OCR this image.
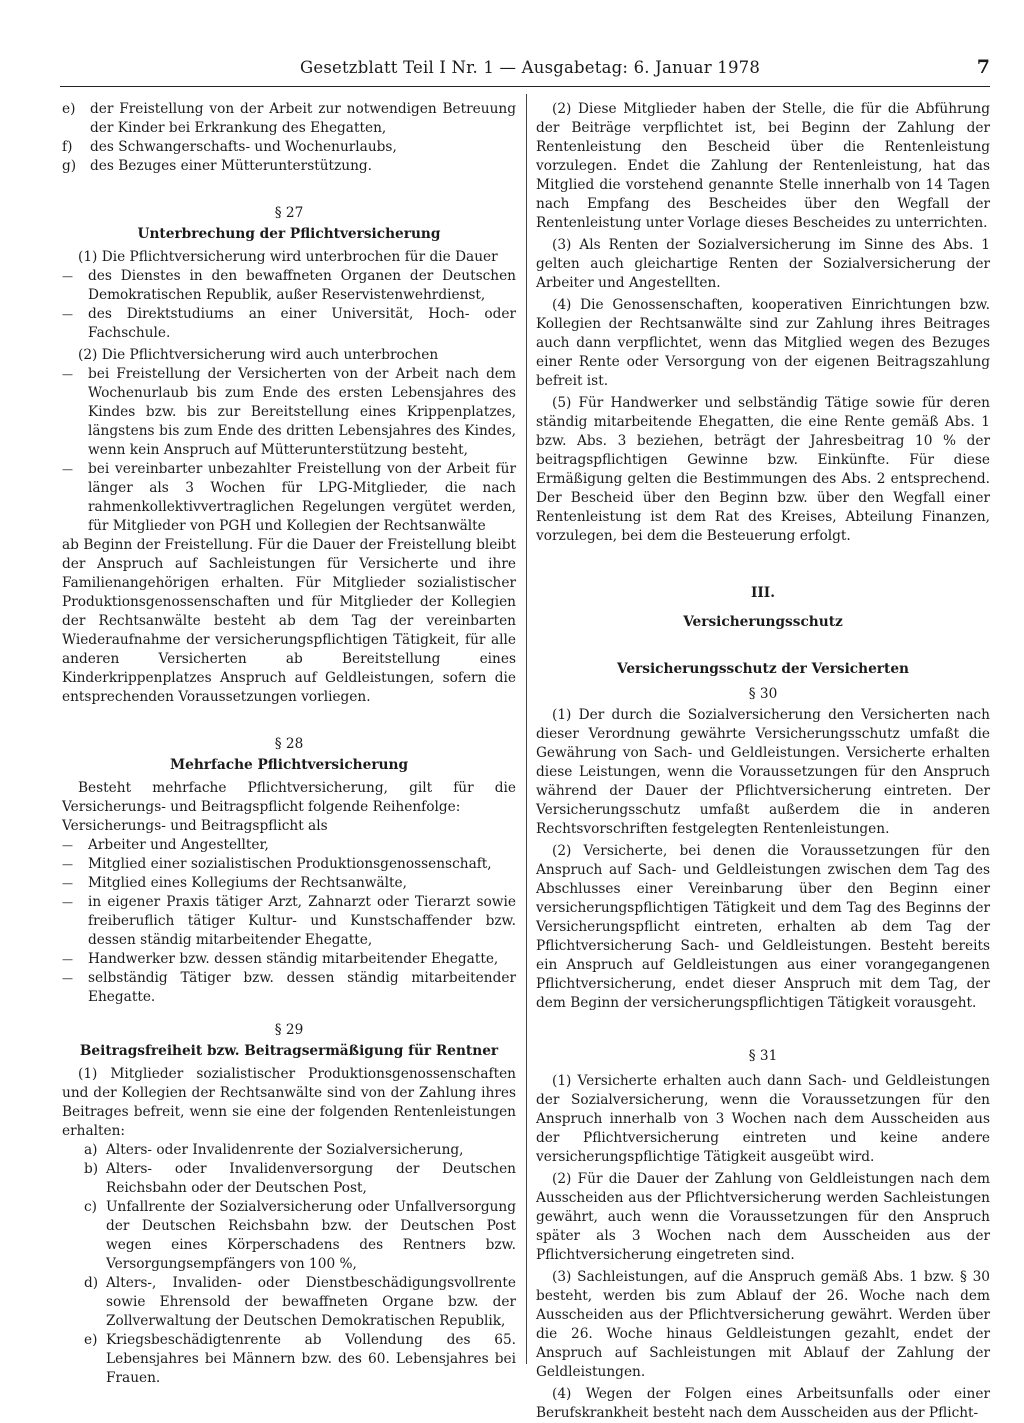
Gesetzblatt Teil I Nr. 1 — Ausgabetag: 6. Januar 1978	7
e) der Freistellung von der Arbeit zur notwendigen Betreuung der Kinder bei Erkrankung des Ehegatten,
f) des Schwangerschafts- und Wochenurlaubs,
g) des Bezuges einer Mütterunterstützung.

§ 27

Unterbrechung der Pflichtversicherung

(1) Die Pflichtversicherung wird unterbrochen für die Dauer

— des Dienstes in den bewaffneten Organen der Deutschen Demokratischen Republik, außer Reservistenwehrdienst,
— des Direktstudiums an einer Universität, Hoch- oder Fachschule.

(2) Die Pflichtversicherung wird auch unterbrochen

— bei Freistellung der Versicherten von der Arbeit nach dem Wochenurlaub bis zum Ende des ersten Lebensjahres des Kindes bzw. bis zur Bereitstellung eines Krippenplatzes, längstens bis zum Ende des dritten Lebensjahres des Kindes, wenn kein Anspruch auf Mütterunterstützung besteht,
— bei vereinbarter unbezahlter Freistellung von der Arbeit für länger als 3 Wochen für LPG-Mitglieder, die nach rahmenkollektivvertraglichen Regelungen vergütet werden, für Mitglieder von PGH und Kollegien der Rechtsanwälte

ab Beginn der Freistellung. Für die Dauer der Freistellung bleibt der Anspruch auf Sachleistungen für Versicherte und ihre Familienangehörigen erhalten. Für Mitglieder sozialistischer Produktionsgenossenschaften und für Mitglieder der Kollegien der Rechtsanwälte besteht ab dem Tag der vereinbarten Wiederaufnahme der versicherungspflichtigen Tätigkeit, für alle anderen Versicherten ab Bereitstellung eines Kinderkrippenplatzes Anspruch auf Geldleistungen, sofern die entsprechenden Voraussetzungen vorliegen.

§ 28

Mehrfache Pflichtversicherung

Besteht mehrfache Pflichtversicherung, gilt für die Versicherungs- und Beitragspflicht folgende Reihenfolge:

Versicherungs- und Beitragspflicht als

— Arbeiter und Angestellter,
— Mitglied einer sozialistischen Produktionsgenossenschaft,
— Mitglied eines Kollegiums der Rechtsanwälte,
— in eigener Praxis tätiger Arzt, Zahnarzt oder Tierarzt sowie freiberuflich tätiger Kultur- und Kunstschaffender bzw. dessen ständig mitarbeitender Ehegatte,
— Handwerker bzw. dessen ständig mitarbeitender Ehegatte,
— selbständig Tätiger bzw. dessen ständig mitarbeitender Ehegatte.

§ 29

Beitragsfreiheit bzw. Beitragsermäßigung für Rentner

(1) Mitglieder sozialistischer Produktionsgenossenschaften und der Kollegien der Rechtsanwälte sind von der Zahlung ihres Beitrages befreit, wenn sie eine der folgenden Rentenleistungen erhalten:

a) Alters- oder Invalidenrente der Sozialversicherung,
b) Alters- oder Invalidenversorgung der Deutschen Reichsbahn oder der Deutschen Post,
c) Unfallrente der Sozialversicherung oder Unfallversorgung der Deutschen Reichsbahn bzw. der Deutschen Post wegen eines Körperschadens des Rentners bzw. Versorgungsempfängers von 100 %,
d) Alters-, Invaliden- oder Dienstbeschädigungsvollrente sowie Ehrensold der bewaffneten Organe bzw. der Zollverwaltung der Deutschen Demokratischen Republik,
e) Kriegsbeschädigtenrente ab Vollendung des 65. Lebensjahres bei Männern bzw. des 60. Lebensjahres bei Frauen.

(2) Diese Mitglieder haben der Stelle, die für die Abführung der Beiträge verpflichtet ist, bei Beginn der Zahlung der Rentenleistung den Bescheid über die Rentenleistung vorzulegen. Endet die Zahlung der Rentenleistung, hat das Mitglied die vorstehend genannte Stelle innerhalb von 14 Tagen nach Empfang des Bescheides über den Wegfall der Rentenleistung unter Vorlage dieses Bescheides zu unterrichten.

(3) Als Renten der Sozialversicherung im Sinne des Abs. 1 gelten auch gleichartige Renten der Sozialversicherung der Arbeiter und Angestellten.

(4) Die Genossenschaften, kooperativen Einrichtungen bzw. Kollegien der Rechtsanwälte sind zur Zahlung ihres Beitrages auch dann verpflichtet, wenn das Mitglied wegen des Bezuges einer Rente oder Versorgung von der eigenen Beitragszahlung befreit ist.

(5) Für Handwerker und selbständig Tätige sowie für deren ständig mitarbeitende Ehegatten, die eine Rente gemäß Abs. 1 bzw. Abs. 3 beziehen, beträgt der Jahresbeitrag 10 % der beitragspflichtigen Gewinne bzw. Einkünfte. Für diese Ermäßigung gelten die Bestimmungen des Abs. 2 entsprechend. Der Bescheid über den Beginn bzw. über den Wegfall einer Rentenleistung ist dem Rat des Kreises, Abteilung Finanzen, vorzulegen, bei dem die Besteuerung erfolgt.

III.

Versicherungsschutz

Versicherungsschutz der Versicherten

§ 30

(1) Der durch die Sozialversicherung den Versicherten nach dieser Verordnung gewährte Versicherungsschutz umfaßt die Gewährung von Sach- und Geldleistungen. Versicherte erhalten diese Leistungen, wenn die Voraussetzungen für den Anspruch während der Dauer der Pflichtversicherung eintreten. Der Versicherungsschutz umfaßt außerdem die in anderen Rechtsvorschriften festgelegten Rentenleistungen.

(2) Versicherte, bei denen die Voraussetzungen für den Anspruch auf Sach- und Geldleistungen zwischen dem Tag des Abschlusses einer Vereinbarung über den Beginn einer versicherungspflichtigen Tätigkeit und dem Tag des Beginns der Versicherungspflicht eintreten, erhalten ab dem Tag der Pflichtversicherung Sach- und Geldleistungen. Besteht bereits ein Anspruch auf Geldleistungen aus einer vorangegangenen Pflichtversicherung, endet dieser Anspruch mit dem Tag, der dem Beginn der versicherungspflichtigen Tätigkeit vorausgeht.

§ 31

(1) Versicherte erhalten auch dann Sach- und Geldleistungen der Sozialversicherung, wenn die Voraussetzungen für den Anspruch innerhalb von 3 Wochen nach dem Ausscheiden aus der Pflichtversicherung eintreten und keine andere versicherungspflichtige Tätigkeit ausgeübt wird.

(2) Für die Dauer der Zahlung von Geldleistungen nach dem Ausscheiden aus der Pflichtversicherung werden Sachleistungen gewährt, auch wenn die Voraussetzungen für den Anspruch später als 3 Wochen nach dem Ausscheiden aus der Pflichtversicherung eingetreten sind.

(3) Sachleistungen, auf die Anspruch gemäß Abs. 1 bzw. § 30 besteht, werden bis zum Ablauf der 26. Woche nach dem Ausscheiden aus der Pflichtversicherung gewährt. Werden über die 26. Woche hinaus Geldleistungen gezahlt, endet der Anspruch auf Sachleistungen mit Ablauf der Zahlung der Geldleistungen.

(4) Wegen der Folgen eines Arbeitsunfalls oder einer Berufskrankheit besteht nach dem Ausscheiden aus der Pflicht-
